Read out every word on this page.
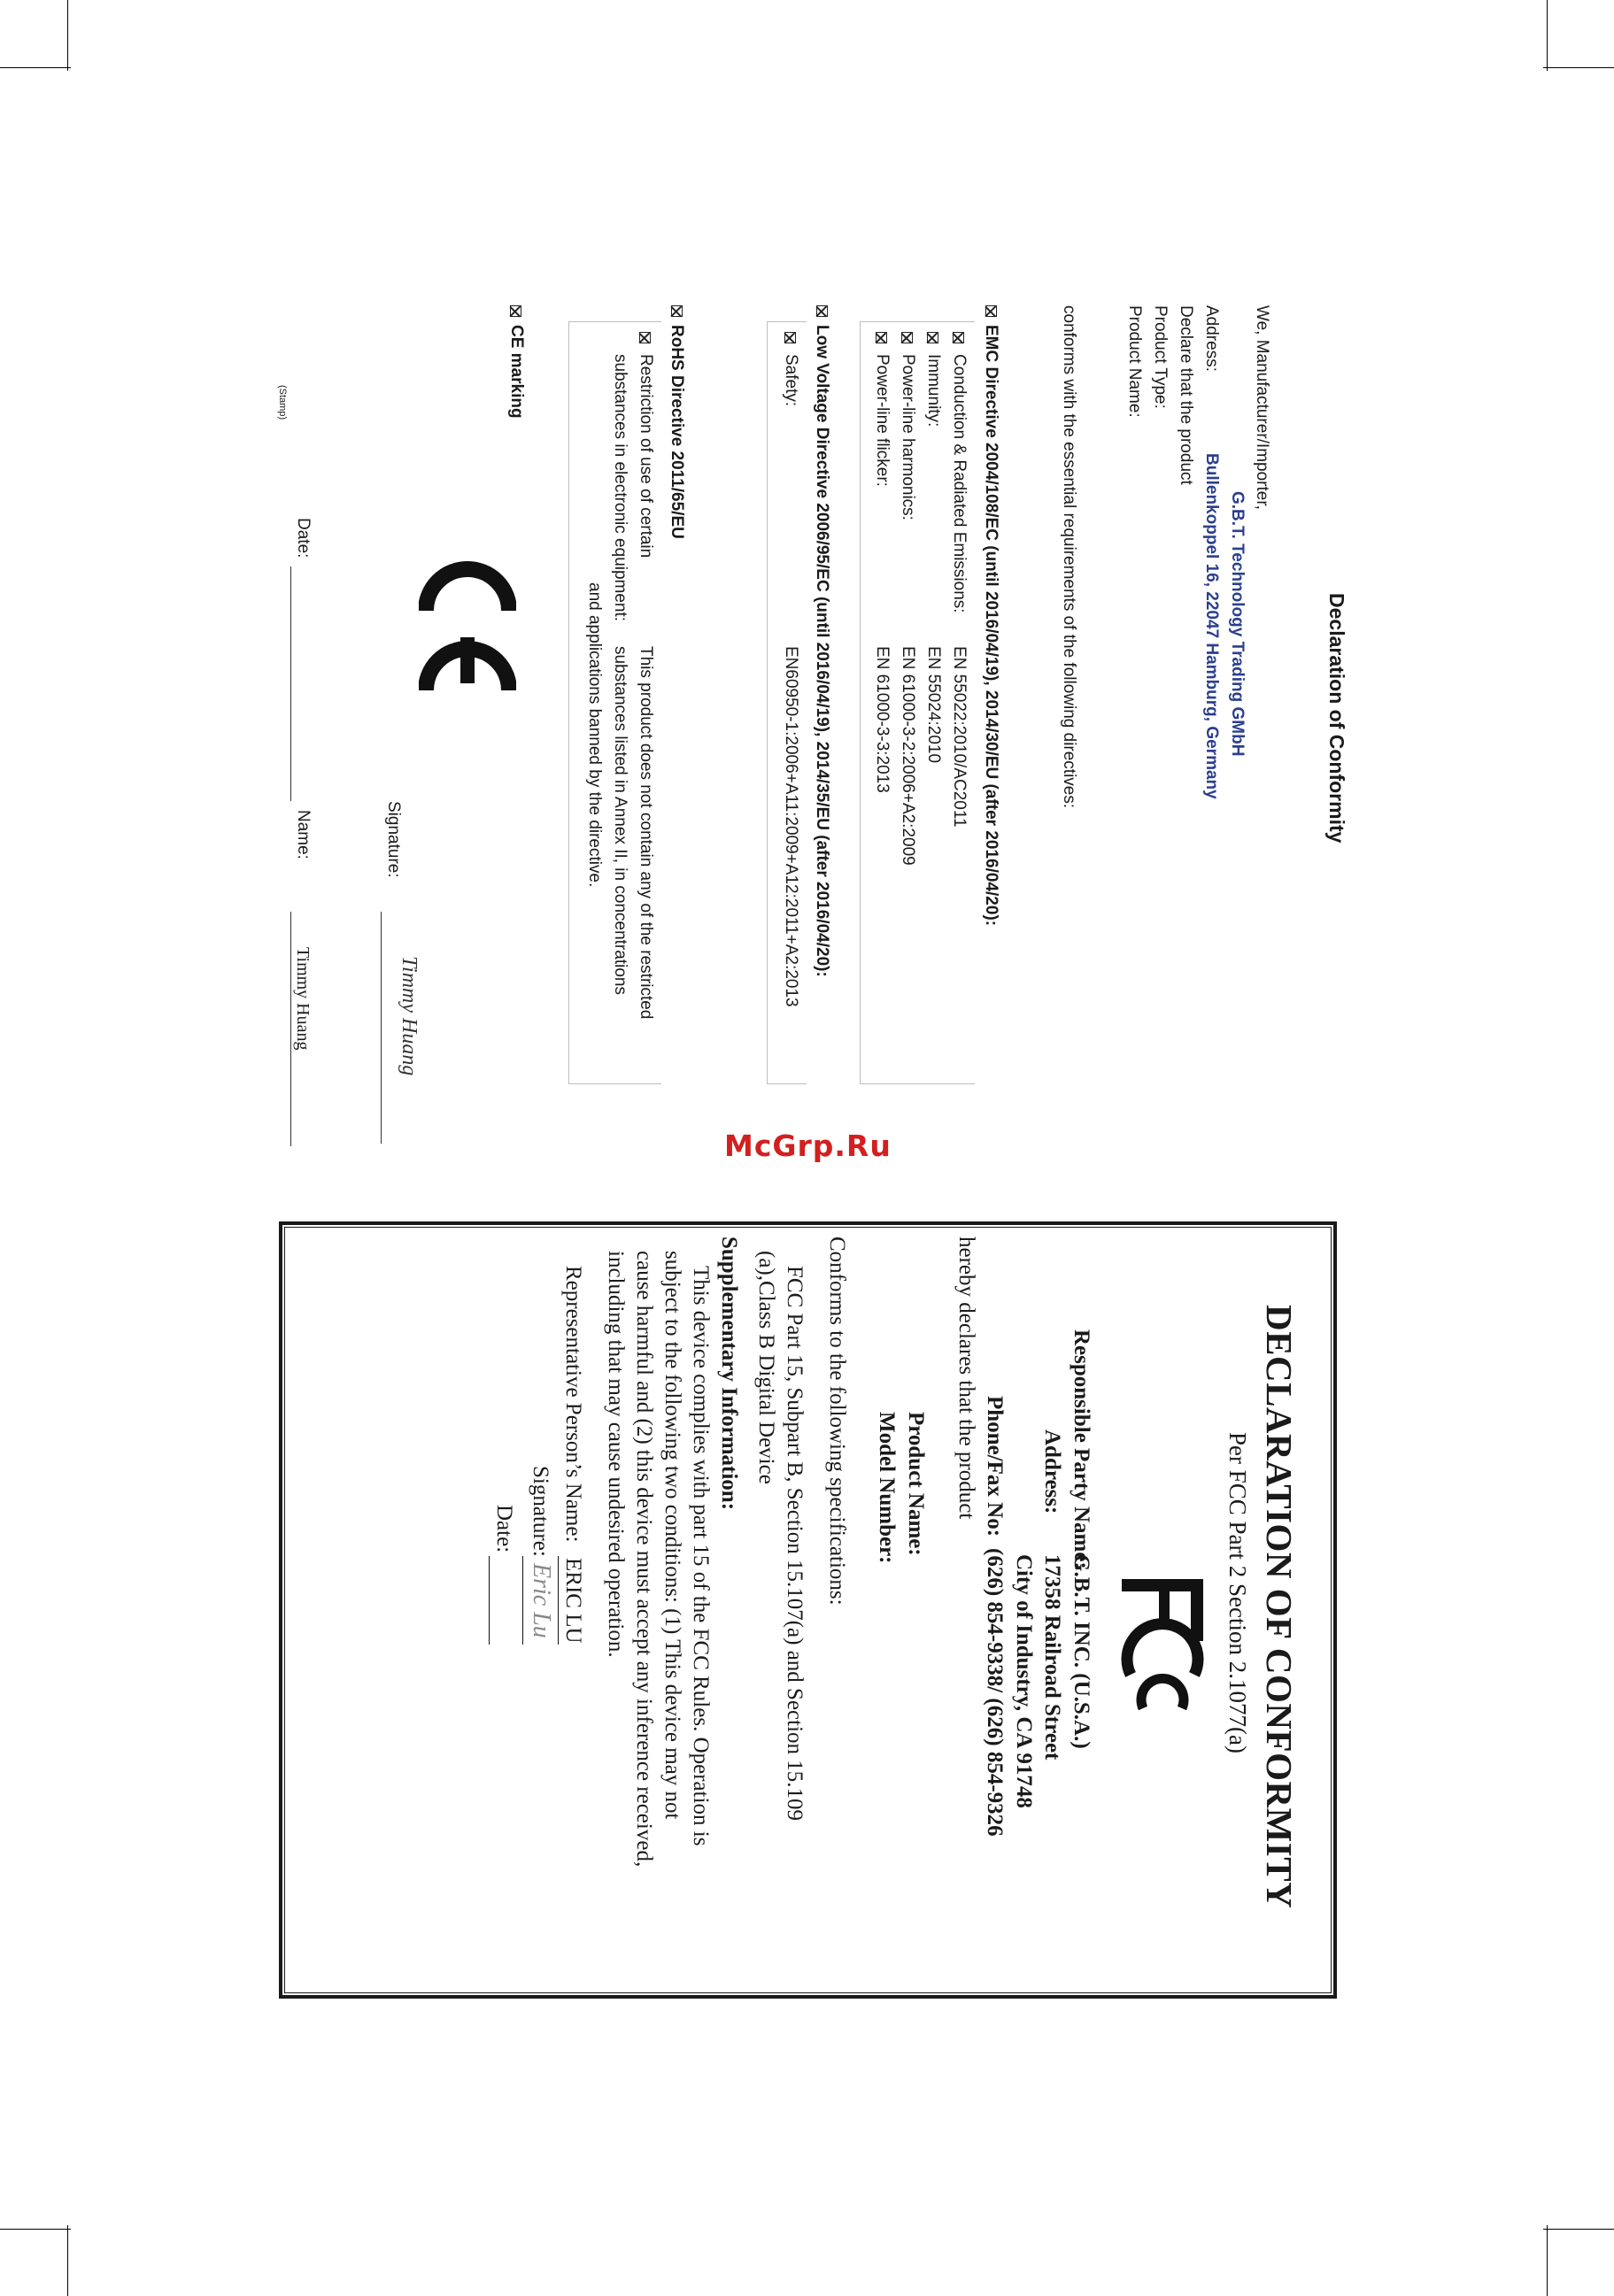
Declaration of Conformity
We, Manufacturer/Importer,
G.B.T. Technology Trading GMbH
Address:
Bullenkoppel 16, 22047 Hamburg, Germany
Declare that the product
Product Type:
Product Name:
conforms with the essential requirements of the following directives:
EMC Directive 2004/108/EC (until 2016/04/19), 2014/30/EU (after 2016/04/20):
Conduction & Radiated Emissions:
EN 55022:2010/AC2011
Immunity:
EN 55024:2010
Power-line harmonics:
EN 61000-3-2:2006+A2:2009
Power-line flicker:
EN 61000-3-3:2013
Low Voltage Directive 2006/95/EC (until 2016/04/19), 2014/35/EU (after 2016/04/20):
Safety:
EN60950-1:2006+A11:2009+A12:2011+A2:2013
RoHS Directive 2011/65/EU
Restriction of use of certain
substances in electronic equipment:
This product does not contain any of the restricted
substances listed in Annex II, in concentrations
and applications banned by the directive.
CE marking
Signature:
Timmy Huang
Date:
Name:
Timmy Huang
(Stamp)
DECLARATION OF CONFORMITY
Per FCC Part 2 Section 2.1077(a)
Responsible Party Name:
G.B.T. INC. (U.S.A.)
Address:
17358 Railroad Street
City of Industry, CA 91748
Phone/Fax No:
(626) 854-9338/ (626) 854-9326
hereby declares that the product
Product Name:
Model Number:
Conforms to the following specifications:
FCC Part 15, Subpart B, Section 15.107(a) and Section 15.109
(a),Class B Digital Device
Supplementary Information:
This device complies with part 15 of the FCC Rules. Operation is
subject to the following two conditions: (1) This device may not
cause harmful and (2) this device must accept any inference received,
including that may cause undesired operation.
Representative Person’s Name:
ERIC LU
Signature:
Eric Lu
Date:
McGrp.Ru
